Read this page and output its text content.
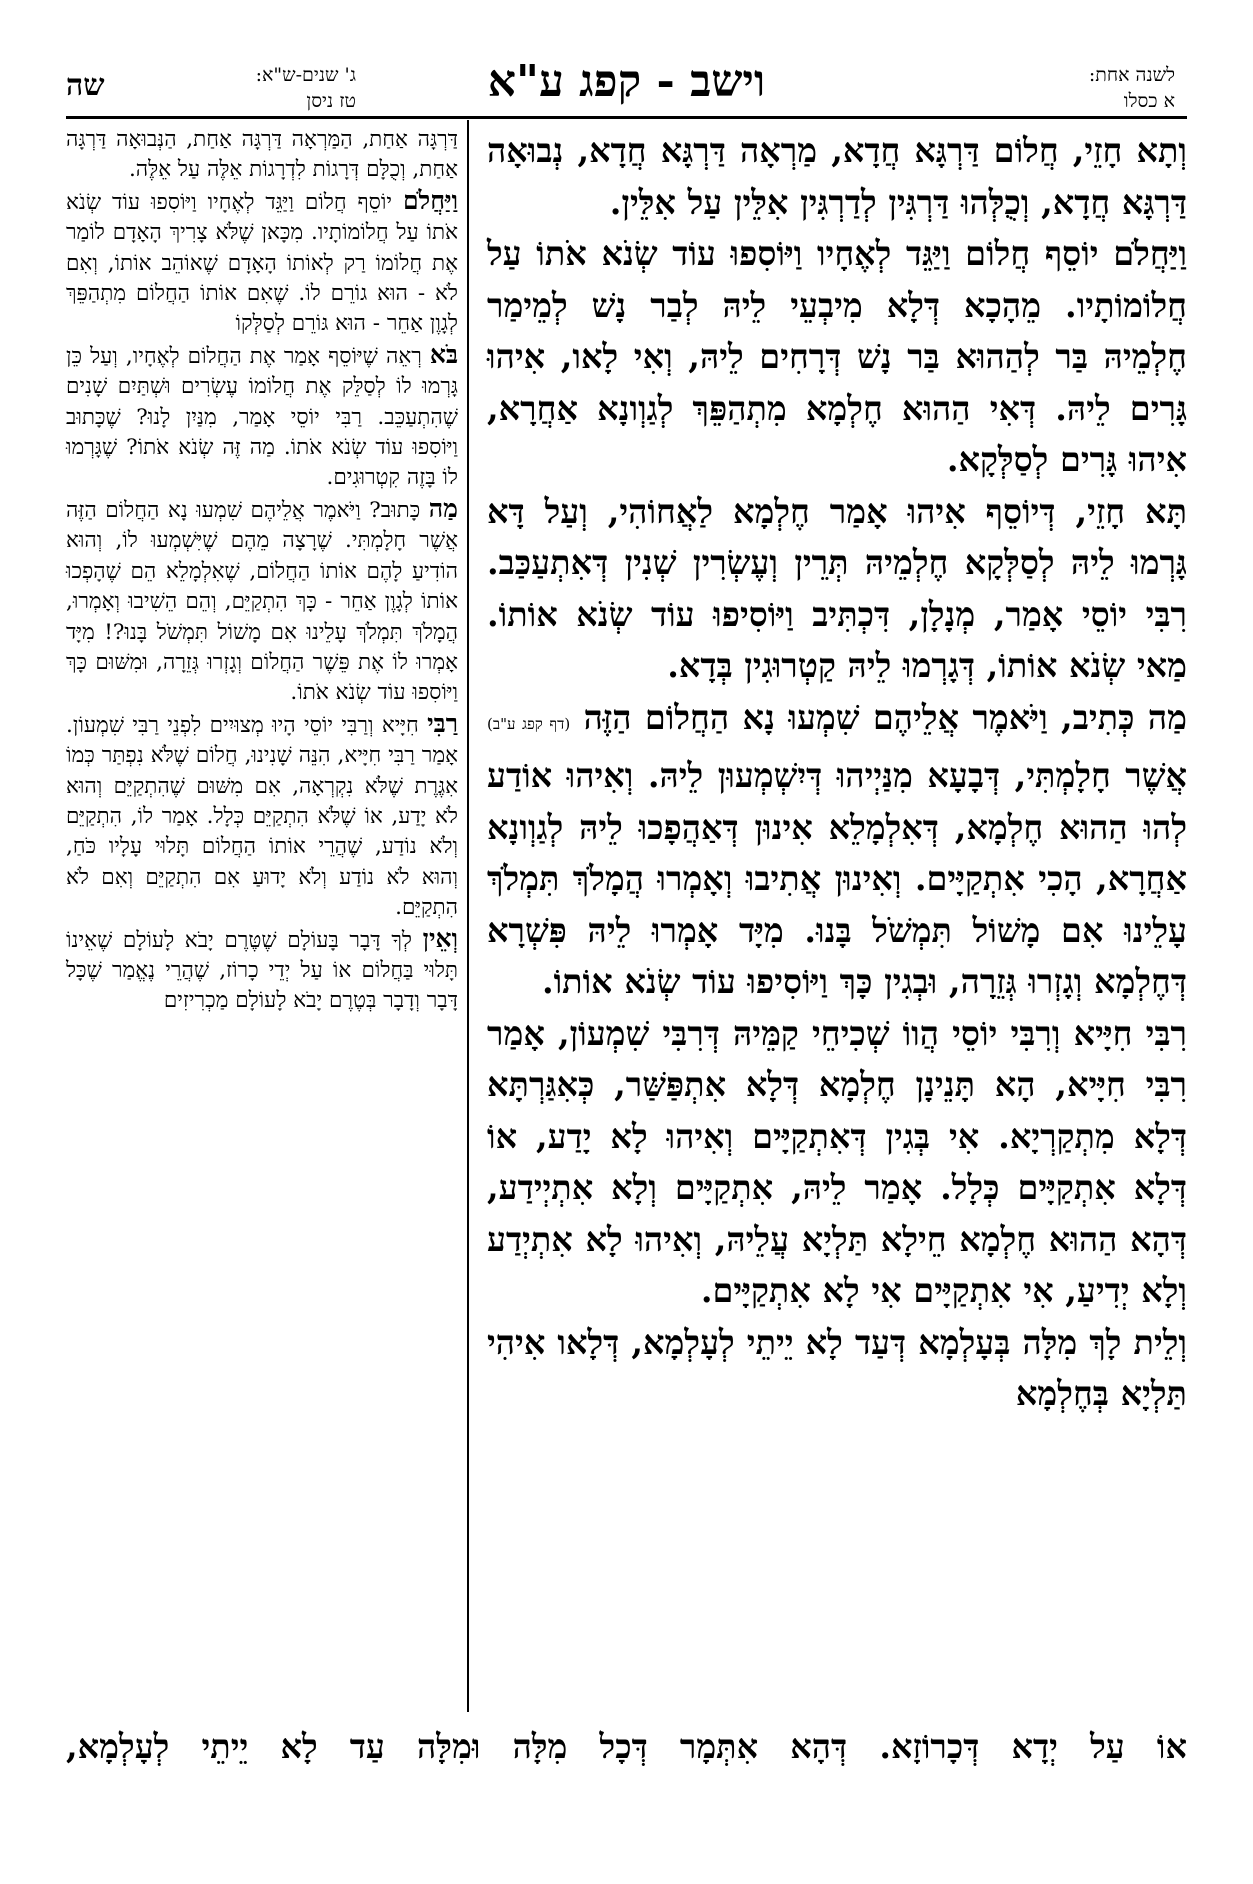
לשנה אחת:
א כסלו
וישב - קפג ע"א
ג' שנים-ש"א:
טז ניסן
שה

וְתָא חָזֵי, חֲלוֹם דַּרְגָּא חֲדָא, מַרְאָה דַּרְגָּא חֲדָא, נְבוּאָה דַּרְגָּא חֲדָא, וְכֻלְּהוּ דַּרְגִּין לְדַרְגִּין אִלֵּין עַל אִלֵּין.

וַיַּחֲלֹם יוֹסֵף חֲלוֹם וַיַּגֵּד לְאֶחָיו וַיּוֹסִפוּ עוֹד שְׂנֹא אֹתוֹ עַל חֲלוֹמוֹתָיו. מֵהָכָא דְּלָא מִיבְעֵי לֵיהּ לְבַר נָשׁ לְמֵימַר חֶלְמֵיהּ בַּר לְהַהוּא בַּר נָשׁ דְּרָחִים לֵיהּ, וְאִי לָאו, אִיהוּ גָּרִים לֵיהּ. דְּאִי הַהוּא חֶלְמָא מִתְהַפֵּךְ לְגַוְונָא אַחֲרָא, אִיהוּ גָּרִים לְסַלְּקָא.

תָּא חָזֵי, דְּיוֹסֵף אִיהוּ אָמַר חֶלְמָא לַאֲחוֹהִי, וְעַל דָּא גָּרְמוּ לֵיהּ לְסַלְּקָא חֶלְמֵיהּ תְּרֵין וְעֶשְׂרִין שְׁנִין דְּאִתְעַכַּב. רִבִּי יוֹסֵי אָמַר, מְנָלָן, דִּכְתִּיב וַיּוֹסִיפוּ עוֹד שְׂנֹא אוֹתוֹ. מַאי שְׂנֹא אוֹתוֹ, דְּגָרְמוּ לֵיהּ קַטְרוּגִין בְּדָא.

מַה כְּתִיב, וַיֹּאמֶר אֲלֵיהֶם שִׁמְעוּ נָא הַחֲלוֹם הַזֶּה (דף קפג ע"ב) אֲשֶׁר חָלָמְתִּי, דְּבָעָא מִנַּיְיהוּ דְּיִשְׁמְעוּן לֵיהּ. וְאִיהוּ אוֹדַע לְהוּ הַהוּא חֶלְמָא, דְּאִלְמָלֵא אִינוּן דְּאַהֲפָכוּ לֵיהּ לְגַוְונָא אַחֲרָא, הָכִי אִתְקַיָּים. וְאִינוּן אֲתִיבוּ וְאָמְרוּ הֲמָלֹךְ תִּמְלֹךְ עָלֵינוּ אִם מָשׁוֹל תִּמְשֹׁל בָּנוּ. מִיָּד אָמְרוּ לֵיהּ פִּשְׁרָא דְּחֶלְמָא וְגָזְרוּ גְּזֵרָה, וּבְגִין כָּךְ וַיּוֹסִיפוּ עוֹד שְׂנֹא אוֹתוֹ.

רִבִּי חִיָּיא וְרִבִּי יוֹסֵי הֲווֹ שְׁכִיחֵי קַמֵּיהּ דְּרִבִּי שִׁמְעוֹן, אָמַר רִבִּי חִיָּיא, הָא תָּנֵינָן חֶלְמָא דְּלָא אִתְפַּשַּׁר, כְּאִגַּרְתָּא דְּלָא מִתְקַרְיָא. אִי בְּגִין דְּאִתְקַיָּים וְאִיהוּ לָא יָדַע, אוֹ דְּלָא אִתְקַיָּים כְּלָל. אָמַר לֵיהּ, אִתְקַיָּים וְלָא אִתְיְידַע, דְּהָא הַהוּא חֶלְמָא חֵילָא תַּלְיָא עֲלֵיהּ, וְאִיהוּ לָא אִתְיְדַע וְלָא יְדִיעַ, אִי אִתְקַיָּים אִי לָא אִתְקַיָּים.

וְלֵית לָךְ מִלָּה בְּעָלְמָא דְּעַד לָא יֵיתֵי לְעָלְמָא, דְּלָאו אִיהִי תַּלְיָא בְּחֶלְמָא

דַּרְגָּה אַחַת, הַמַּרְאָה דַּרְגָּה אַחַת, הַנְּבוּאָה דַּרְגָּה אַחַת, וְכֻלָּם דְּרָגוֹת לִדְרָגוֹת אֵלֶּה עַל אֵלֶּה.

וַיַּחֲלֹם יוֹסֵף חֲלוֹם וַיַּגֵּד לְאֶחָיו וַיּוֹסִפוּ עוֹד שְׂנֹא אֹתוֹ עַל חֲלוֹמוֹתָיו. מִכָּאן שֶׁלֹּא צָרִיךְ הָאָדָם לוֹמַר אֶת חֲלוֹמוֹ רַק לְאוֹתוֹ הָאָדָם שֶׁאוֹהֵב אוֹתוֹ, וְאִם לֹא - הוּא גוֹרֵם לוֹ. שֶׁאִם אוֹתוֹ הַחֲלוֹם מִתְהַפֵּךְ לְגָוֶן אַחֵר - הוּא גּוֹרֵם לְסַלְּקוֹ

בֹּא רְאֵה שֶׁיּוֹסֵף אָמַר אֶת הַחֲלוֹם לְאֶחָיו, וְעַל כֵּן גָּרְמוּ לוֹ לְסַלֵּק אֶת חֲלוֹמוֹ עֶשְׂרִים וּשְׁתַּיִם שָׁנִים שֶׁהִתְעַכֵּב. רַבִּי יוֹסֵי אָמַר, מִנַּיִן לָנוּ? שֶׁכָּתוּב וַיּוֹסִפוּ עוֹד שְׂנֹא אֹתוֹ. מַה זֶּה שְׂנֹא אֹתוֹ? שֶׁגָּרְמוּ לוֹ בָּזֶה קִטְרוּגִים.

מַה כָּתוּב? וַיֹּאמֶר אֲלֵיהֶם שִׁמְעוּ נָא הַחֲלוֹם הַזֶּה אֲשֶׁר חָלָמְתִּי. שֶׁרָצָה מֵהֶם שֶׁיִּשְׁמְעוּ לוֹ, וְהוּא הוֹדִיעַ לָהֶם אוֹתוֹ הַחֲלוֹם, שֶׁאִלְמָלֵא הֵם שֶׁהָפְכוּ אוֹתוֹ לְגָוֶן אַחֵר - כָּךְ הִתְקַיֵּם, וְהֵם הֵשִׁיבוּ וְאָמְרוּ, הֲמָלֹךְ תִּמְלֹךְ עָלֵינוּ אִם מָשׁוֹל תִּמְשֹׁל בָּנוּ?! מִיָּד אָמְרוּ לוֹ אֶת פֵּשֶׁר הַחֲלוֹם וְגָזְרוּ גְּזֵרָה, וּמִשּׁוּם כָּךְ וַיּוֹסִפוּ עוֹד שְׂנֹא אֹתוֹ.

רַבִּי חִיָּיא וְרַבִּי יוֹסֵי הָיוּ מְצוּיִים לִפְנֵי רַבִּי שִׁמְעוֹן. אָמַר רַבִּי חִיָּיא, הִנֵּה שָׁנִינוּ, חֲלוֹם שֶׁלֹּא נִפְתַּר כְּמוֹ אִגֶּרֶת שֶׁלֹּא נִקְרְאָה, אִם מִשּׁוּם שֶׁהִתְקַיֵּם וְהוּא לֹא יָדַע, אוֹ שֶׁלֹּא הִתְקַיֵּם כְּלָל. אָמַר לוֹ, הִתְקַיֵּם וְלֹא נוֹדַע, שֶׁהֲרֵי אוֹתוֹ הַחֲלוֹם תָּלוּי עָלָיו כֹּחַ, וְהוּא לֹא נוֹדַע וְלֹא יָדוּעַ אִם הִתְקַיֵּם וְאִם לֹא הִתְקַיֵּם.

וְאֵין לְךָ דָּבָר בָּעוֹלָם שֶׁטֶּרֶם יָבֹא לָעוֹלָם שֶׁאֵינוֹ תָּלוּי בַּחֲלוֹם אוֹ עַל יְדֵי כָרוֹז, שֶׁהֲרֵי נֶאֱמַר שֶׁכָּל דָּבָר וְדָבָר בְּטֶרֶם יָבֹא לָעוֹלָם מַכְרִיזִים

אוֹ עַל יְדָא דְּכָרוֹזָא. דְּהָא אִתְּמָר דְּכָל מִלָּה וּמִלָּה עַד לָא יֵיתֵי לְעָלְמָא,
